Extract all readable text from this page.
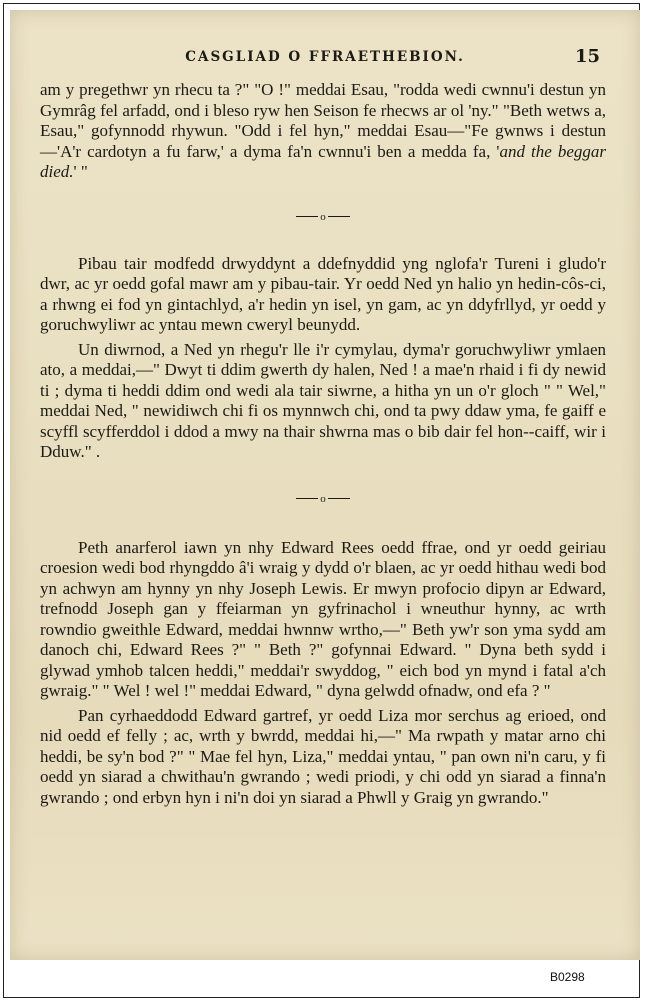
CASGLIAD O FFRAETHEBION.	15

am y pregethwr yn rhecu ta ?" "O !" meddai Esau, "rodda wedi cwnnu'i destun yn Gymrâg fel arfadd, ond i bleso ryw hen Seison fe rhecws ar ol 'ny." "Beth wetws a, Esau," gofynnodd rhywun. "Odd i fel hyn," meddai Esau—"Fe gwnws i destun—'A'r cardotyn a fu farw,' a dyma fa'n cwnnu'i ben a medda fa, 'and the beggar died.' "

o

Pibau tair modfedd drwyddynt a ddefnyddid yng nglofa'r Tureni i gludo'r dwr, ac yr oedd gofal mawr am y pibau-tair. Yr oedd Ned yn halio yn hedin-côs-ci, a rhwng ei fod yn gintachlyd, a'r hedin yn isel, yn gam, ac yn ddyfrllyd, yr oedd y goruchwyliwr ac yntau mewn cweryl beunydd.

Un diwrnod, a Ned yn rhegu'r lle i'r cymylau, dyma'r goruchwyliwr ymlaen ato, a meddai,—" Dwyt ti ddim gwerth dy halen, Ned ! a mae'n rhaid i fi dy newid ti ; dyma ti heddi ddim ond wedi ala tair siwrne, a hitha yn un o'r gloch " " Wel," meddai Ned, " newidiwch chi fi os mynnwch chi, ond ta pwy ddaw yma, fe gaiff e scyffl scyfferddol i ddod a mwy na thair shwrna mas o bib dair fel hon--caiff, wir i Dduw." .

o

Peth anarferol iawn yn nhy Edward Rees oedd ffrae, ond yr oedd geiriau croesion wedi bod rhyngddo â'i wraig y dydd o'r blaen, ac yr oedd hithau wedi bod yn achwyn am hynny yn nhy Joseph Lewis. Er mwyn profocio dipyn ar Edward, trefnodd Joseph gan y ffeiarman yn gyfrinachol i wneuthur hynny, ac wrth rowndio gweithle Edward, meddai hwnnw wrtho,—" Beth yw'r son yma sydd am danoch chi, Edward Rees ?" " Beth ?" gofynnai Edward. " Dyna beth sydd i glywad ymhob talcen heddi," meddai'r swyddog, " eich bod yn mynd i fatal a'ch gwraig." " Wel ! wel !" meddai Edward, " dyna gelwdd ofnadw, ond efa ? "

Pan cyrhaeddodd Edward gartref, yr oedd Liza mor serchus ag erioed, ond nid oedd ef felly ; ac, wrth y bwrdd, meddai hi,—" Ma rwpath y matar arno chi heddi, be sy'n bod ?" " Mae fel hyn, Liza," meddai yntau, " pan own ni'n caru, y fi oedd yn siarad a chwithau'n gwrando ; wedi priodi, y chi odd yn siarad a finna'n gwrando ; ond erbyn hyn i ni'n doi yn siarad a Phwll y Graig yn gwrando."

B0298
